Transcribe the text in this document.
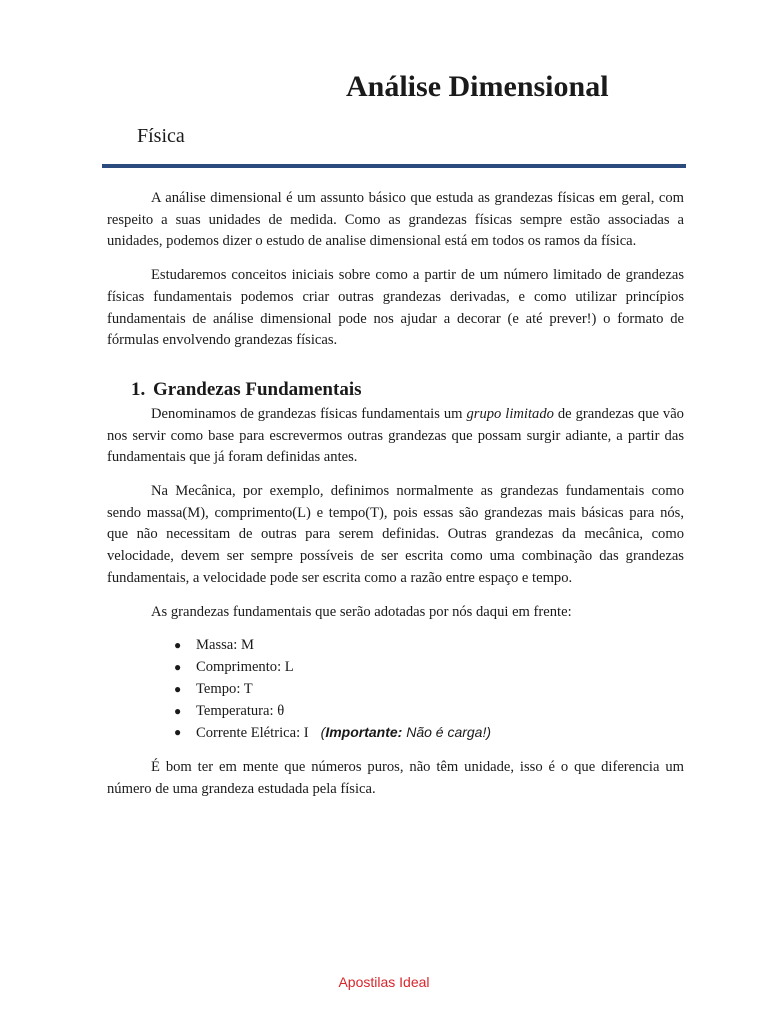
Análise Dimensional
Física

A análise dimensional é um assunto básico que estuda as grandezas físicas em geral, com respeito a suas unidades de medida. Como as grandezas físicas sempre estão associadas a unidades, podemos dizer o estudo de analise dimensional está em todos os ramos da física.

Estudaremos conceitos iniciais sobre como a partir de um número limitado de grandezas físicas fundamentais podemos criar outras grandezas derivadas, e como utilizar princípios fundamentais de análise dimensional pode nos ajudar a decorar (e até prever!) o formato de fórmulas envolvendo grandezas físicas.

1. Grandezas Fundamentais

Denominamos de grandezas físicas fundamentais um grupo limitado de grandezas que vão nos servir como base para escrevermos outras grandezas que possam surgir adiante, a partir das fundamentais que já foram definidas antes.

Na Mecânica, por exemplo, definimos normalmente as grandezas fundamentais como sendo massa(M), comprimento(L) e tempo(T), pois essas são grandezas mais básicas para nós, que não necessitam de outras para serem definidas. Outras grandezas da mecânica, como velocidade, devem ser sempre possíveis de ser escrita como uma combinação das grandezas fundamentais, a velocidade pode ser escrita como a razão entre espaço e tempo.

As grandezas fundamentais que serão adotadas por nós daqui em frente:

● Massa: M
● Comprimento: L
● Tempo: T
● Temperatura: θ
● Corrente Elétrica: I (Importante: Não é carga!)

É bom ter em mente que números puros, não têm unidade, isso é o que diferencia um número de uma grandeza estudada pela física.

Apostilas Ideal
